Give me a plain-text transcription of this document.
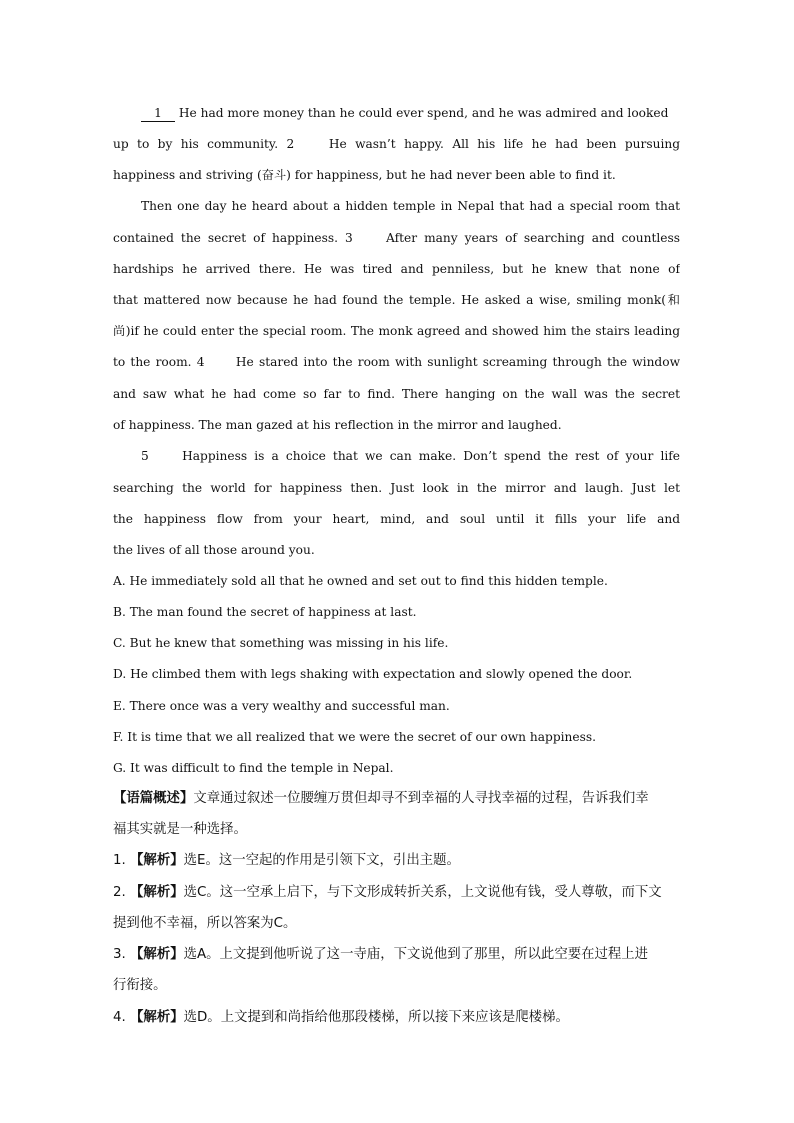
1 He had more money than he could ever spend, and he was admired and looked
up to by his community. 2 He wasn’t happy. All his life he had been pursuing
happiness and striving (奋斗) for happiness, but he had never been able to find it.
Then one day he heard about a hidden temple in Nepal that had a special room that
contained the secret of happiness. 3 After many years of searching and countless
hardships he arrived there. He was tired and penniless, but he knew that none of
that mattered now because he had found the temple. He asked a wise, smiling monk(和
尚)if he could enter the special room. The monk agreed and showed him the stairs leading
to the room. 4 He stared into the room with sunlight screaming through the window
and saw what he had come so far to find. There hanging on the wall was the secret
of happiness. The man gazed at his reflection in the mirror and laughed.
5 Happiness is a choice that we can make. Don’t spend the rest of your life
searching the world for happiness then. Just look in the mirror and laugh. Just let
the happiness flow from your heart, mind, and soul until it fills your life and
the lives of all those around you.
A. He immediately sold all that he owned and set out to find this hidden temple.
B. The man found the secret of happiness at last.
C. But he knew that something was missing in his life.
D. He climbed them with legs shaking with expectation and slowly opened the door.
E. There once was a very wealthy and successful man.
F. It is time that we all realized that we were the secret of our own happiness.
G. It was difficult to find the temple in Nepal.
【语篇概述】文章通过叙述一位腰缠万贯但却寻不到幸福的人寻找幸福的过程，告诉我们幸
福其实就是一种选择。
1. 【解析】选E。这一空起的作用是引领下文，引出主题。
2. 【解析】选C。这一空承上启下，与下文形成转折关系，上文说他有钱，受人尊敬，而下文
提到他不幸福，所以答案为C。
3. 【解析】选A。上文提到他听说了这一寺庙，下文说他到了那里，所以此空要在过程上进
行衔接。
4. 【解析】选D。上文提到和尚指给他那段楼梯，所以接下来应该是爬楼梯。
